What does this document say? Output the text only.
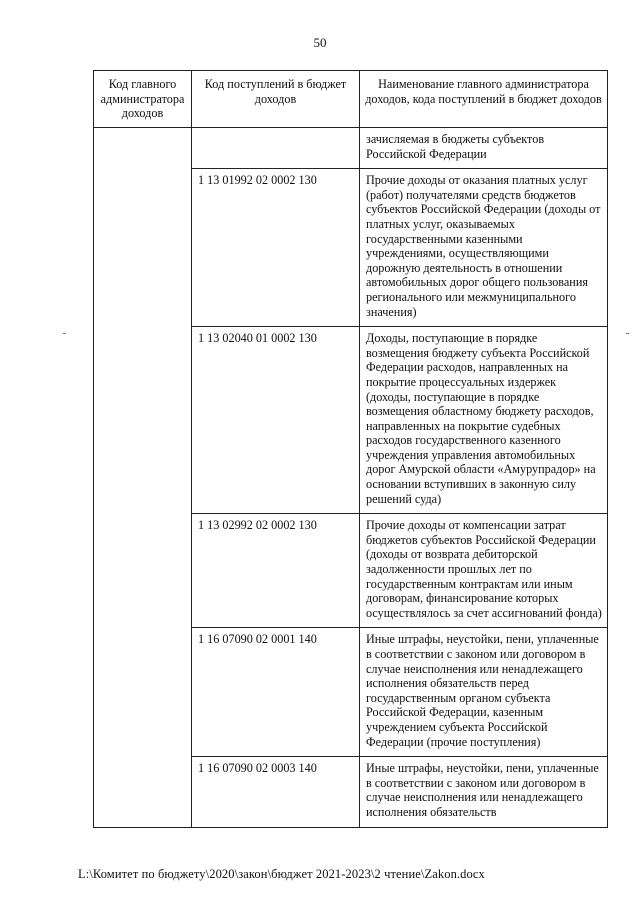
50
Код главного администратора доходов	Код поступлений в бюджет доходов	Наименование главного администратора доходов, кода поступлений в бюджет доходов
		зачисляемая в бюджеты субъектов Российской Федерации
	1 13 01992 02 0002 130	Прочие доходы от оказания платных услуг (работ) получателями средств бюджетов субъектов Российской Федерации (доходы от платных услуг, оказываемых государственными казенными учреждениями, осуществляющими дорожную деятельность в отношении автомобильных дорог общего пользования регионального или межмуниципального значения)
	1 13 02040 01 0002 130	Доходы, поступающие в порядке возмещения бюджету субъекта Российской Федерации расходов, направленных на покрытие процессуальных издержек (доходы, поступающие в порядке возмещения областному бюджету расходов, направленных на покрытие судебных расходов государственного казенного учреждения управления автомобильных дорог Амурской области «Амурупрадор» на основании вступивших в законную силу решений суда)
	1 13 02992 02 0002 130	Прочие доходы от компенсации затрат бюджетов субъектов Российской Федерации (доходы от возврата дебиторской задолженности прошлых лет по государственным контрактам или иным договорам, финансирование которых осуществлялось за счет ассигнований фонда)
	1 16 07090 02 0001 140	Иные штрафы, неустойки, пени, уплаченные в соответствии с законом или договором в случае неисполнения или ненадлежащего исполнения обязательств перед государственным органом субъекта Российской Федерации, казенным учреждением субъекта Российской Федерации (прочие поступления)
	1 16 07090 02 0003 140	Иные штрафы, неустойки, пени, уплаченные в соответствии с законом или договором в случае неисполнения или ненадлежащего исполнения обязательств
L:\Комитет по бюджету\2020\закон\бюджет 2021-2023\2 чтение\Zakon.docx
